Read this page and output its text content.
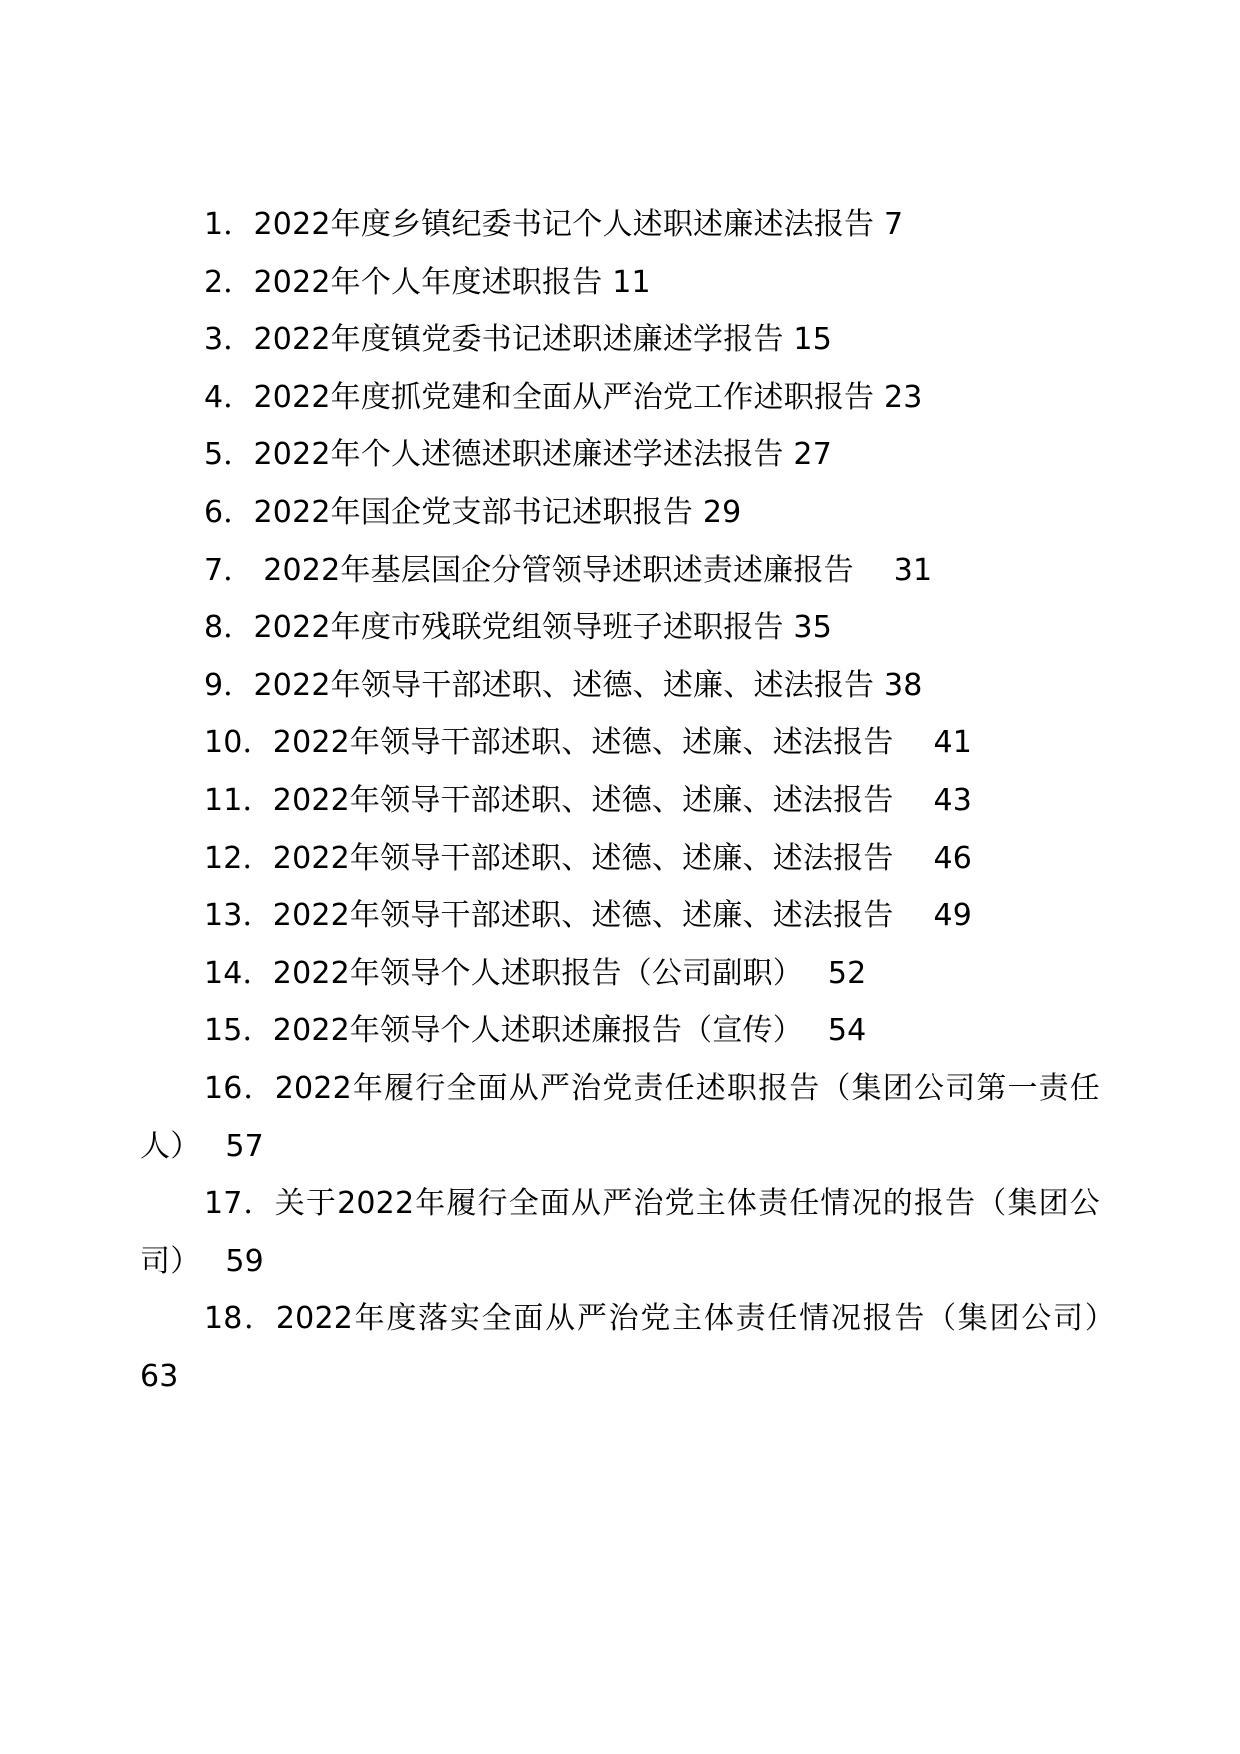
1．2022年度乡镇纪委书记个人述职述廉述法报告 7
2．2022年个人年度述职报告 11
3．2022年度镇党委书记述职述廉述学报告 15
4．2022年度抓党建和全面从严治党工作述职报告 23
5．2022年个人述德述职述廉述学述法报告 27
6．2022年国企党支部书记述职报告 29
7． 2022年基层国企分管领导述职述责述廉报告　 31
8．2022年度市残联党组领导班子述职报告 35
9．2022年领导干部述职、述德、述廉、述法报告 38
10．2022年领导干部述职、述德、述廉、述法报告　 41
11．2022年领导干部述职、述德、述廉、述法报告　 43
12．2022年领导干部述职、述德、述廉、述法报告　 46
13．2022年领导干部述职、述德、述廉、述法报告　 49
14．2022年领导个人述职报告（公司副职）　 52
15．2022年领导个人述职述廉报告（宣传）　 54
16．2022年履行全面从严治党责任述职报告（集团公司第一责任人）　 57
17．关于2022年履行全面从严治党主体责任情况的报告（集团公司）　 59
18．2022年度落实全面从严治党主体责任情况报告（集团公司）　 63
